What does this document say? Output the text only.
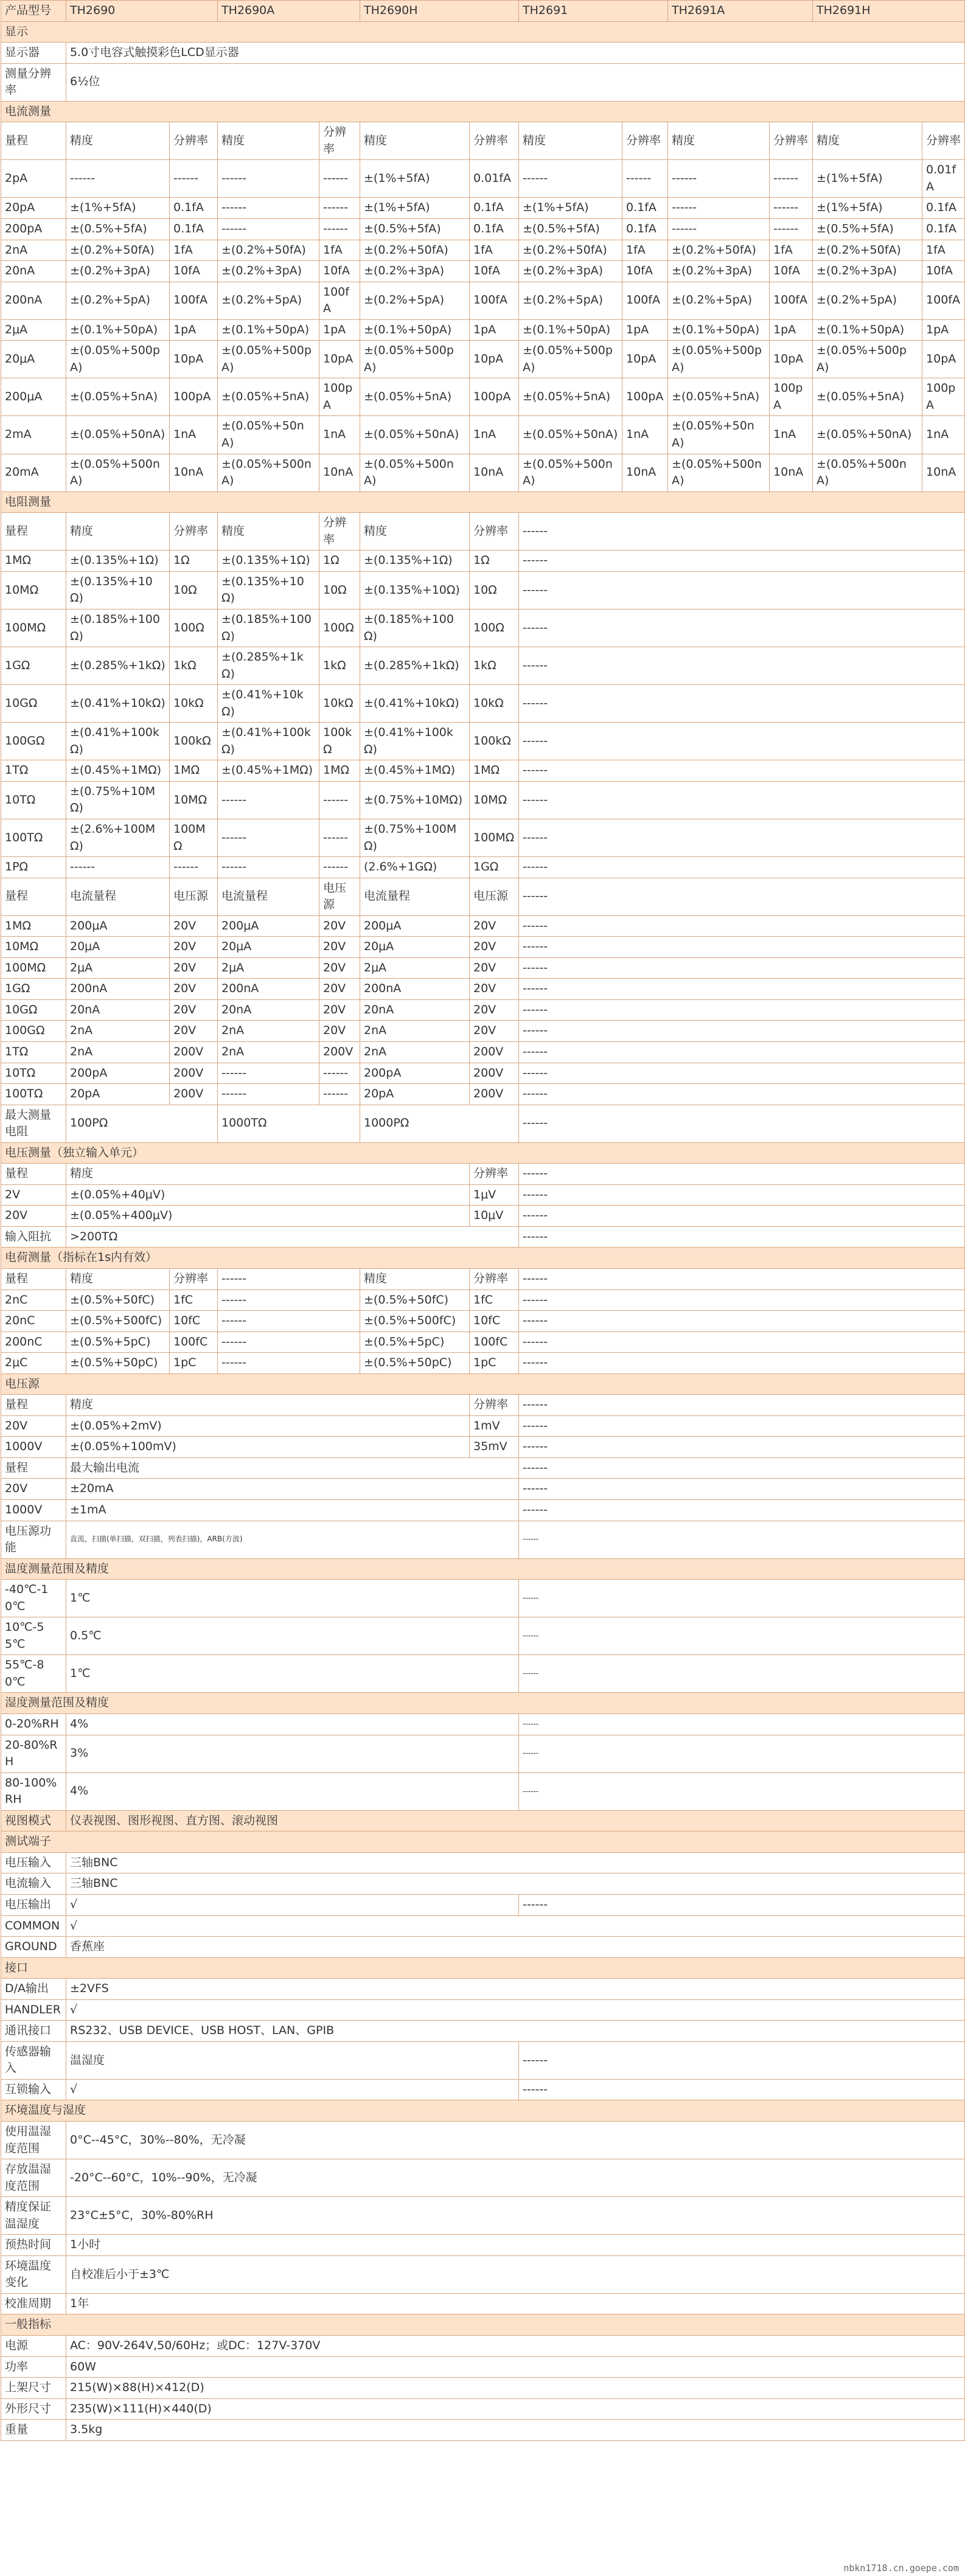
产品型号	TH2690		TH2690A		TH2690H		TH2691		TH2691A		TH2691H	
显示												
显示器	5.0寸电容式触摸彩色LCD显示器											
测量分辨率	6½位											
电流测量												
量程	精度	分辨率	精度	分辨率	精度	分辨率	精度	分辨率	精度	分辨率	精度	分辨率
2pA	------	------	------	------	±(1%+5fA)	0.01fA	------	------	------	------	±(1%+5fA)	0.01fA
20pA	±(1%+5fA)	0.1fA	------	------	±(1%+5fA)	0.1fA	±(1%+5fA)	0.1fA	------	------	±(1%+5fA)	0.1fA
200pA	±(0.5%+5fA)	0.1fA	------	------	±(0.5%+5fA)	0.1fA	±(0.5%+5fA)	0.1fA	------	------	±(0.5%+5fA)	0.1fA
2nA	±(0.2%+50fA)	1fA	±(0.2%+50fA)	1fA	±(0.2%+50fA)	1fA	±(0.2%+50fA)	1fA	±(0.2%+50fA)	1fA	±(0.2%+50fA)	1fA
20nA	±(0.2%+3pA)	10fA	±(0.2%+3pA)	10fA	±(0.2%+3pA)	10fA	±(0.2%+3pA)	10fA	±(0.2%+3pA)	10fA	±(0.2%+3pA)	10fA
200nA	±(0.2%+5pA)	100fA	±(0.2%+5pA)	100fA	±(0.2%+5pA)	100fA	±(0.2%+5pA)	100fA	±(0.2%+5pA)	100fA	±(0.2%+5pA)	100fA
2μA	±(0.1%+50pA)	1pA	±(0.1%+50pA)	1pA	±(0.1%+50pA)	1pA	±(0.1%+50pA)	1pA	±(0.1%+50pA)	1pA	±(0.1%+50pA)	1pA
20μA	±(0.05%+500pA)	10pA	±(0.05%+500pA)	10pA	±(0.05%+500pA)	10pA	±(0.05%+500pA)	10pA	±(0.05%+500pA)	10pA	±(0.05%+500pA)	10pA
200μA	±(0.05%+5nA)	100pA	±(0.05%+5nA)	100pA	±(0.05%+5nA)	100pA	±(0.05%+5nA)	100pA	±(0.05%+5nA)	100pA	±(0.05%+5nA)	100pA
2mA	±(0.05%+50nA)	1nA	±(0.05%+50nA)	1nA	±(0.05%+50nA)	1nA	±(0.05%+50nA)	1nA	±(0.05%+50nA)	1nA	±(0.05%+50nA)	1nA
20mA	±(0.05%+500nA)	10nA	±(0.05%+500nA)	10nA	±(0.05%+500nA)	10nA	±(0.05%+500nA)	10nA	±(0.05%+500nA)	10nA	±(0.05%+500nA)	10nA
电阻测量												
量程	精度	分辨率	精度	分辨率	精度	分辨率	------					
1MΩ	±(0.135%+1Ω)	1Ω	±(0.135%+1Ω)	1Ω	±(0.135%+1Ω)	1Ω	------					
10MΩ	±(0.135%+10Ω)	10Ω	±(0.135%+10Ω)	10Ω	±(0.135%+10Ω)	10Ω	------					
100MΩ	±(0.185%+100Ω)	100Ω	±(0.185%+100Ω)	100Ω	±(0.185%+100Ω)	100Ω	------					
1GΩ	±(0.285%+1kΩ)	1kΩ	±(0.285%+1kΩ)	1kΩ	±(0.285%+1kΩ)	1kΩ	------					
10GΩ	±(0.41%+10kΩ)	10kΩ	±(0.41%+10kΩ)	10kΩ	±(0.41%+10kΩ)	10kΩ	------					
100GΩ	±(0.41%+100kΩ)	100kΩ	±(0.41%+100kΩ)	100kΩ	±(0.41%+100kΩ)	100kΩ	------					
1TΩ	±(0.45%+1MΩ)	1MΩ	±(0.45%+1MΩ)	1MΩ	±(0.45%+1MΩ)	1MΩ	------					
10TΩ	±(0.75%+10MΩ)	10MΩ	------	------	±(0.75%+10MΩ)	10MΩ	------					
100TΩ	±(2.6%+100MΩ)	100MΩ	------	------	±(0.75%+100MΩ)	100MΩ	------					
1PΩ	------	------	------	------	(2.6%+1GΩ)	1GΩ	------					
量程	电流量程	电压源	电流量程	电压源	电流量程	电压源	------					
1MΩ	200μA	20V	200μA	20V	200μA	20V	------					
10MΩ	20μA	20V	20μA	20V	20μA	20V	------					
100MΩ	2μA	20V	2μA	20V	2μA	20V	------					
1GΩ	200nA	20V	200nA	20V	200nA	20V	------					
10GΩ	20nA	20V	20nA	20V	20nA	20V	------					
100GΩ	2nA	20V	2nA	20V	2nA	20V	------					
1TΩ	2nA	200V	2nA	200V	2nA	200V	------					
10TΩ	200pA	200V	------	------	200pA	200V	------					
100TΩ	20pA	200V	------	------	20pA	200V	------					
最大测量电阻	100PΩ		1000TΩ		1000PΩ		------					
电压测量（独立输入单元）												
量程	精度					分辨率	------					
2V	±(0.05%+40μV)					1μV	------					
20V	±(0.05%+400μV)					10μV	------					
输入阻抗	>200TΩ						------					
电荷测量（指标在1s内有效）												
量程	精度	分辨率	------		精度	分辨率	------					
2nC	±(0.5%+50fC)	1fC	------		±(0.5%+50fC)	1fC	------					
20nC	±(0.5%+500fC)	10fC	------		±(0.5%+500fC)	10fC	------					
200nC	±(0.5%+5pC)	100fC	------		±(0.5%+5pC)	100fC	------					
2μC	±(0.5%+50pC)	1pC	------		±(0.5%+50pC)	1pC	------					
电压源												
量程	精度					分辨率	------					
20V	±(0.05%+2mV)					1mV	------					
1000V	±(0.05%+100mV)					35mV	------					
量程	最大输出电流						------					
20V	±20mA						------					
1000V	±1mA						------					
电压源功能	直流，扫描(单扫描，双扫描，列表扫描)，ARB(方波)						------					
温度测量范围及精度												
-40℃-10℃	1℃						------					
10℃-55℃	0.5℃						------					
55℃-80℃	1℃						------					
湿度测量范围及精度												
0-20%RH	4%						------					
20-80%RH	3%						------					
80-100%RH	4%						------					
视图模式	仪表视图、图形视图、直方图、滚动视图											
测试端子												
电压输入	三轴BNC											
电流输入	三轴BNC											
电压输出	√						------					
COMMON	√											
GROUND	香蕉座											
接口												
D/A输出	±2VFS											
HANDLER	√											
通讯接口	RS232、USB DEVICE、USB HOST、LAN、GPIB											
传感器输入	温湿度						------					
互锁输入	√						------					
环境温度与湿度												
使用温湿度范围	0°C--45°C，30%--80%，无冷凝											
存放温湿度范围	-20°C--60°C，10%--90%，无冷凝											
精度保证温湿度	23°C±5°C，30%-80%RH											
预热时间	1小时											
环境温度变化	自校准后小于±3℃											
校准周期	1年											
一般指标												
电源	AC：90V-264V,50/60Hz；或DC：127V-370V											
功率	60W											
上架尺寸	215(W)×88(H)×412(D)											
外形尺寸	235(W)×111(H)×440(D)											
重量	3.5kg											
nbkn1718.cn.goepe.com
